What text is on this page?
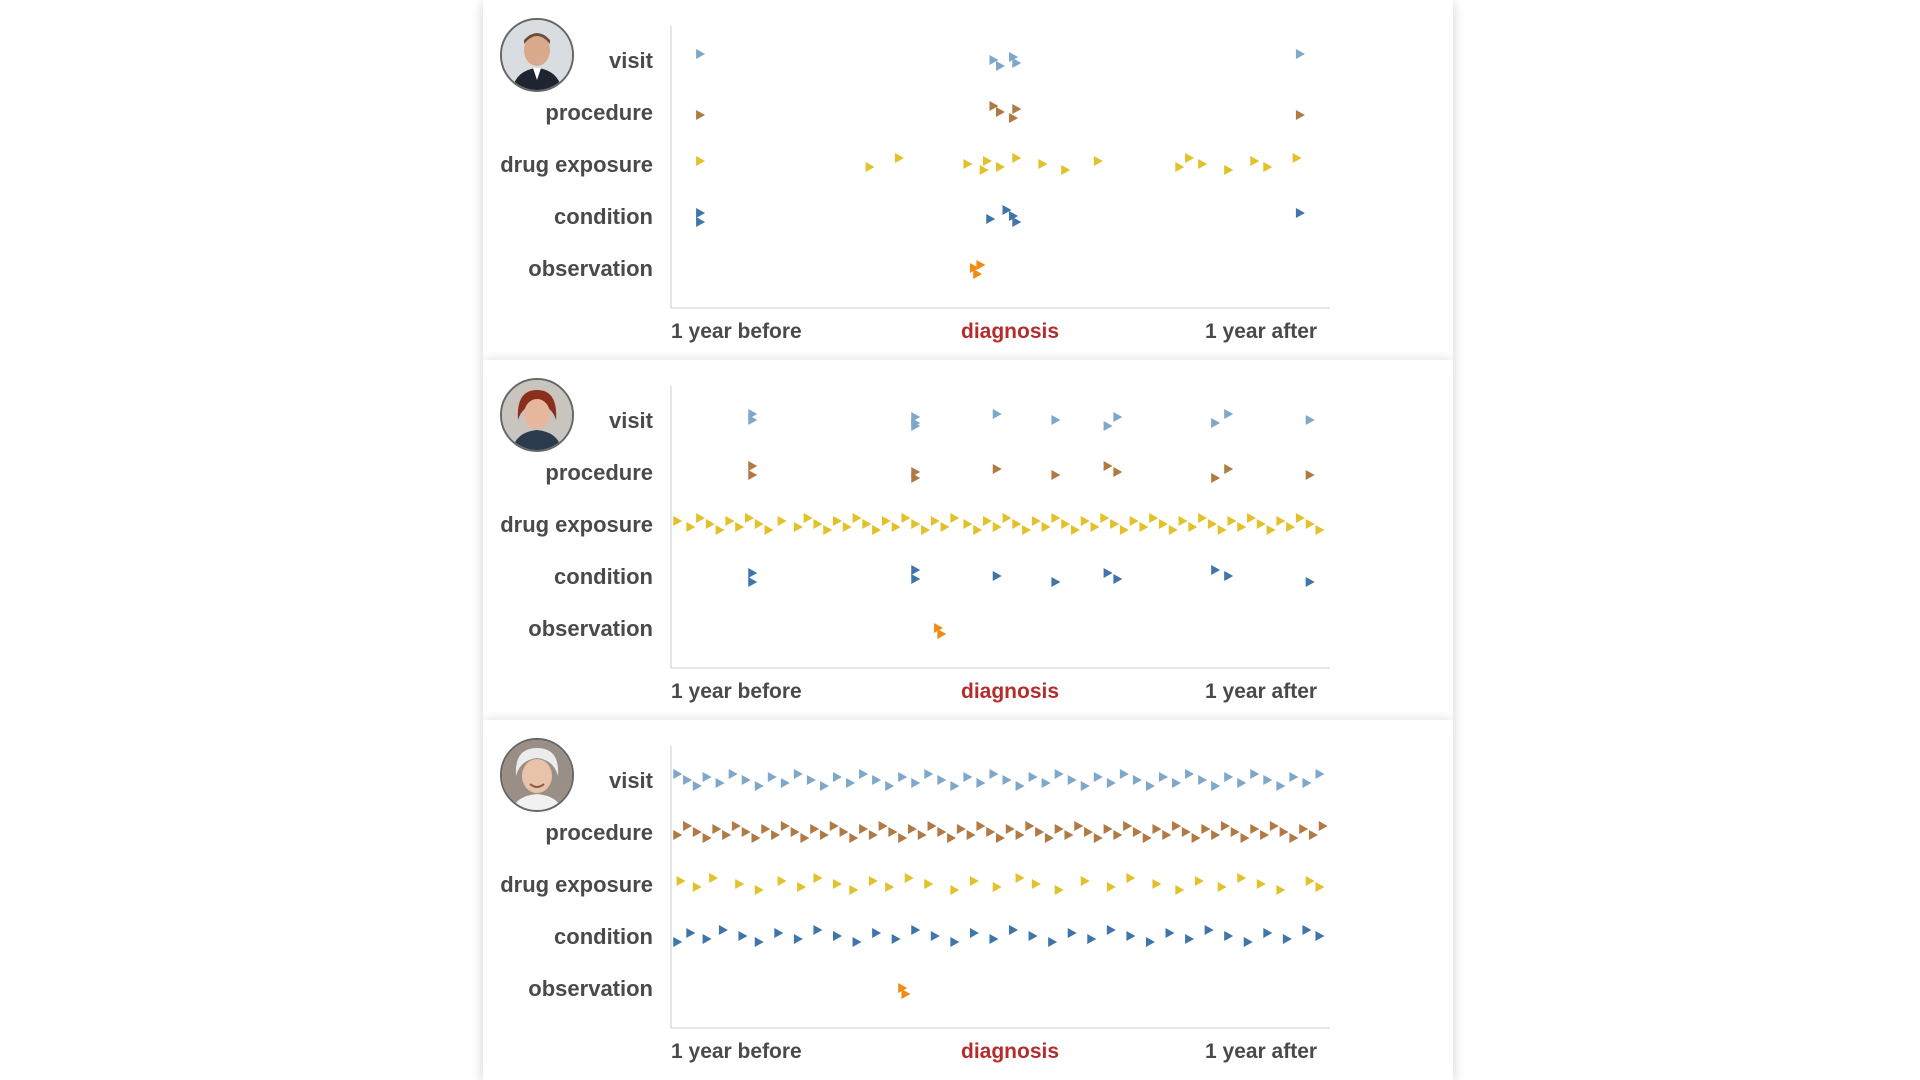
visit
procedure
drug exposure
condition
observation
1 year before	diagnosis	1 year after
visit
procedure
drug exposure
condition
observation
1 year before	diagnosis	1 year after
visit
procedure
drug exposure
condition
observation
1 year before	diagnosis	1 year after
